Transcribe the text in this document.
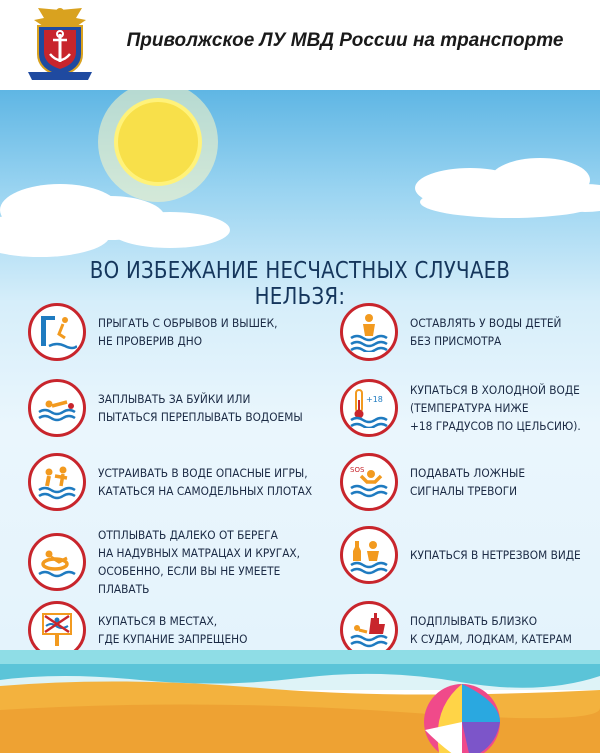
Приволжское ЛУ МВД России на транспорте
ВО ИЗБЕЖАНИЕ НЕСЧАСТНЫХ СЛУЧАЕВ НЕЛЬЗЯ:
ПРЫГАТЬ С ОБРЫВОВ И ВЫШЕК,
НЕ ПРОВЕРИВ ДНО
ЗАПЛЫВАТЬ ЗА БУЙКИ ИЛИ
ПЫТАТЬСЯ ПЕРЕПЛЫВАТЬ ВОДОЕМЫ
УСТРАИВАТЬ В ВОДЕ ОПАСНЫЕ ИГРЫ,
КАТАТЬСЯ НА САМОДЕЛЬНЫХ ПЛОТАХ
ОТПЛЫВАТЬ ДАЛЕКО ОТ БЕРЕГА
НА НАДУВНЫХ МАТРАЦАХ И КРУГАХ,
ОСОБЕННО, ЕСЛИ ВЫ НЕ УМЕЕТЕ ПЛАВАТЬ
КУПАТЬСЯ В МЕСТАХ,
ГДЕ КУПАНИЕ ЗАПРЕЩЕНО
ОСТАВЛЯТЬ У ВОДЫ ДЕТЕЙ
БЕЗ ПРИСМОТРА
+18
КУПАТЬСЯ В ХОЛОДНОЙ ВОДЕ
(ТЕМПЕРАТУРА НИЖЕ
+18 ГРАДУСОВ ПО ЦЕЛЬСИЮ).
SOS	ПОДАВАТЬ ЛОЖНЫЕ
СИГНАЛЫ ТРЕВОГИ
КУПАТЬСЯ В НЕТРЕЗВОМ ВИДЕ
ПОДПЛЫВАТЬ БЛИЗКО
К СУДАМ, ЛОДКАМ, КАТЕРАМ
